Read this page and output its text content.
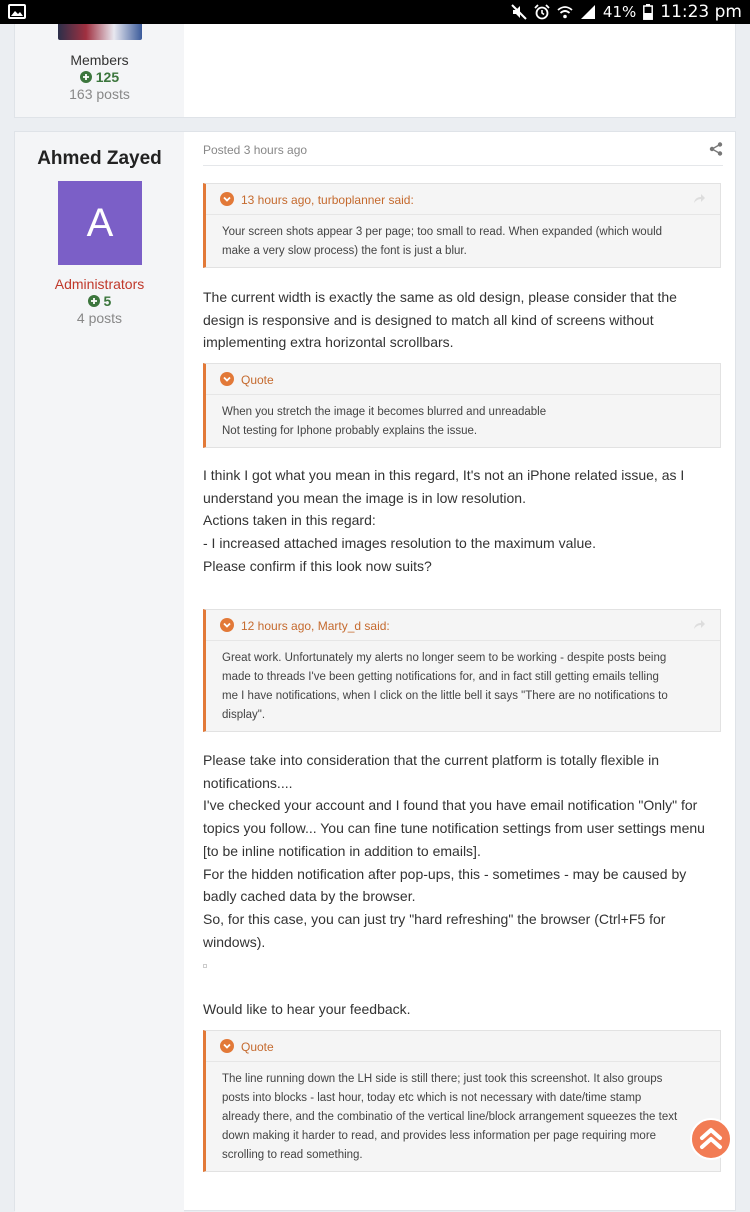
41% 11:23 pm
Members
125
163 posts
Ahmed Zayed
A
Administrators
5
4 posts
Posted 3 hours ago
13 hours ago, turboplanner said:
Your screen shots appear 3 per page; too small to read. When expanded (which would
make a very slow process) the font is just a blur.
The current width is exactly the same as old design, please consider that the
design is responsive and is designed to match all kind of screens without
implementing extra horizontal scrollbars.
Quote
When you stretch the image it becomes blurred and unreadable
Not testing for Iphone probably explains the issue.
I think I got what you mean in this regard, It's not an iPhone related issue, as I
understand you mean the image is in low resolution.
Actions taken in this regard:
- I increased attached images resolution to the maximum value.
Please confirm if this look now suits?
12 hours ago, Marty_d said:
Great work. Unfortunately my alerts no longer seem to be working - despite posts being
made to threads I've been getting notifications for, and in fact still getting emails telling
me I have notifications, when I click on the little bell it says "There are no notifications to
display".
Please take into consideration that the current platform is totally flexible in
notifications....
I've checked your account and I found that you have email notification "Only" for
topics you follow... You can fine tune notification settings from user settings menu
[to be inline notification in addition to emails].
For the hidden notification after pop-ups, this - sometimes - may be caused by
badly cached data by the browser.
So, for this case, you can just try "hard refreshing" the browser (Ctrl+F5 for
windows).
Would like to hear your feedback.
Quote
The line running down the LH side is still there; just took this screenshot. It also groups
posts into blocks - last hour, today etc which is not necessary with date/time stamp
already there, and the combinatio of the vertical line/block arrangement squeezes the text
down making it harder to read, and provides less information per page requiring more
scrolling to read something.
